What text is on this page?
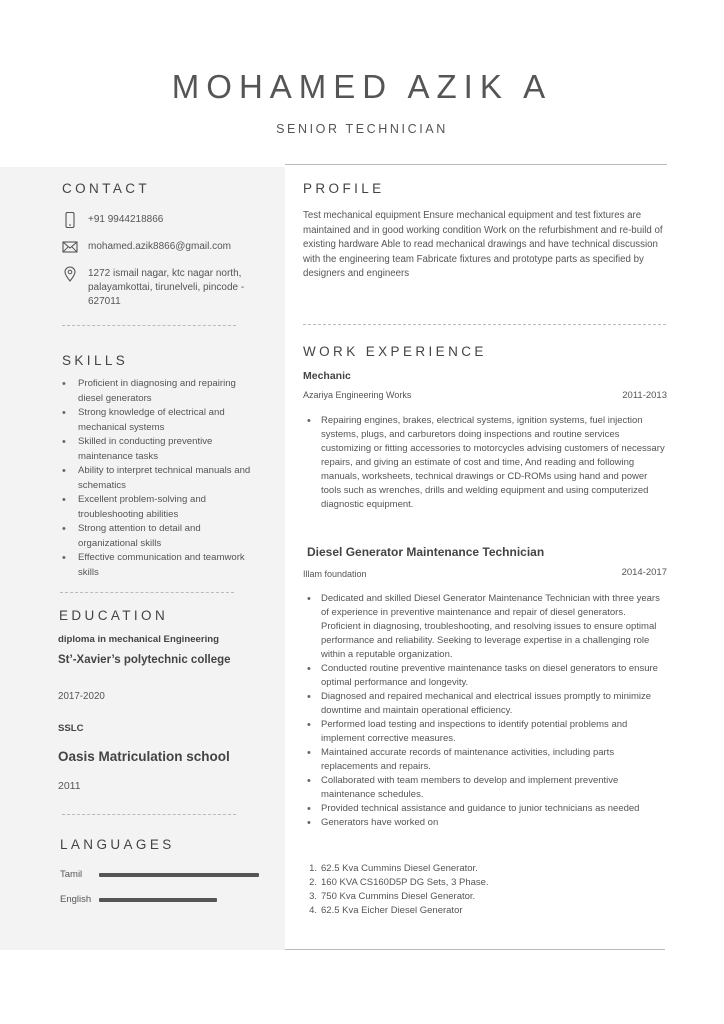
MOHAMED AZIK A
SENIOR TECHNICIAN
CONTACT
+91 9944218866
mohamed.azik8866@gmail.com
1272 ismail nagar, ktc nagar north, palayamkottai, tirunelveli, pincode - 627011
SKILLS
• Proficient in diagnosing and repairing diesel generators
• Strong knowledge of electrical and mechanical systems
• Skilled in conducting preventive maintenance tasks
• Ability to interpret technical manuals and schematics
• Excellent problem-solving and troubleshooting abilities
• Strong attention to detail and organizational skills
• Effective communication and teamwork skills
EDUCATION
diploma in mechanical Engineering
St’-Xavier’s polytechnic college
2017-2020
SSLC
Oasis Matriculation school
2011
LANGUAGES
Tamil
English
PROFILE
Test mechanical equipment Ensure mechanical equipment and test fixtures are maintained and in good working condition Work on the refurbishment and re-build of existing hardware Able to read mechanical drawings and have technical discussion with the engineering team Fabricate fixtures and prototype parts as specified by designers and engineers
WORK EXPERIENCE
Mechanic
Azariya Engineering Works	2011-2013
• Repairing engines, brakes, electrical systems, ignition systems, fuel injection systems, plugs, and carburetors doing inspections and routine services customizing or fitting accessories to motorcycles advising customers of necessary repairs, and giving an estimate of cost and time, And reading and following manuals, worksheets, technical drawings or CD-ROMs using hand and power tools such as wrenches, drills and welding equipment and using computerized diagnostic equipment.
Diesel Generator Maintenance Technician
Illam foundation	2014-2017
• Dedicated and skilled Diesel Generator Maintenance Technician with three years of experience in preventive maintenance and repair of diesel generators. Proficient in diagnosing, troubleshooting, and resolving issues to ensure optimal performance and reliability. Seeking to leverage expertise in a challenging role within a reputable organization.
• Conducted routine preventive maintenance tasks on diesel generators to ensure optimal performance and longevity.
• Diagnosed and repaired mechanical and electrical issues promptly to minimize downtime and maintain operational efficiency.
• Performed load testing and inspections to identify potential problems and implement corrective measures.
• Maintained accurate records of maintenance activities, including parts replacements and repairs.
• Collaborated with team members to develop and implement preventive maintenance schedules.
• Provided technical assistance and guidance to junior technicians as needed
• Generators have worked on
1. 62.5 Kva Cummins Diesel Generator.
2. 160 KVA CS160D5P DG Sets, 3 Phase.
3. 750 Kva Cummins Diesel Generator.
4. 62.5 Kva Eicher Diesel Generator
